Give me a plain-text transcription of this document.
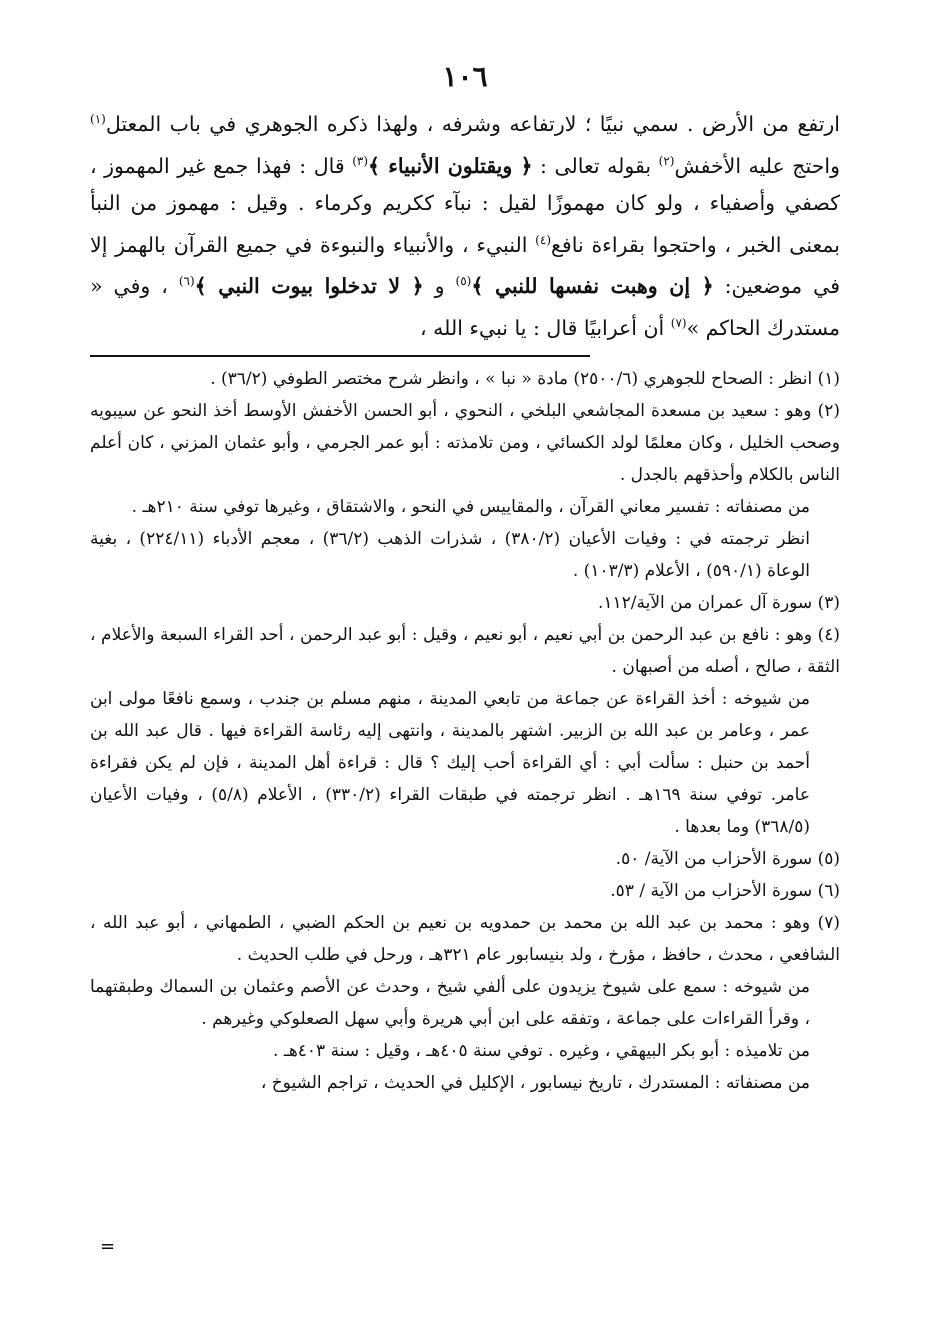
١٠٦

ارتفع من الأرض . سمي نبيًا ؛ لارتفاعه وشرفه ، ولهذا ذكره الجوهري في باب المعتل$^{(١)}$ واحتج عليه الأخفش$^{(٢)}$ بقوله تعالى : ﴿ ويقتلون الأنبياء ﴾$^{(٣)}$ قال : فهذا جمع غير المهموز ، كصفي وأصفياء ، ولو كان مهموزًا لقيل : نبآء ككريم وكرماء . وقيل : مهموز من النبأ بمعنى الخبر ، واحتجوا بقراءة نافع$^{(٤)}$ النبيء ، والأنبياء والنبوءة في جميع القرآن بالهمز إلا في موضعين: ﴿ إن وهبت نفسها للنبي ﴾$^{(٥)}$ و ﴿ لا تدخلوا بيوت النبي ﴾$^{(٦)}$ ، وفي « مستدرك الحاكم »$^{(٧)}$ أن أعرابيًا قال : يا نبيء الله ،

(١) انظر : الصحاح للجوهري (٢٥٠٠/٦) مادة « نبا » ، وانظر شرح مختصر الطوفي (٣٦/٢) .

(٢) وهو : سعيد بن مسعدة المجاشعي البلخي ، النحوي ، أبو الحسن الأخفش الأوسط أخذ النحو عن سيبويه وصحب الخليل ، وكان معلمًا لولد الكسائي ، ومن تلامذته : أبو عمر الجرمي ، وأبو عثمان المزني ، كان أعلم الناس بالكلام وأحذقهم بالجدل .

من مصنفاته : تفسير معاني القرآن ، والمقاييس في النحو ، والاشتقاق ، وغيرها توفي سنة ٢١٠هـ .

انظر ترجمته في : وفيات الأعيان (٣٨٠/٢) ، شذرات الذهب (٣٦/٢) ، معجم الأدباء (٢٢٤/١١) ، بغية الوعاة (٥٩٠/١) ، الأعلام (١٠٣/٣) .

(٣) سورة آل عمران من الآية/١١٢.

(٤) وهو : نافع بن عبد الرحمن بن أبي نعيم ، أبو نعيم ، وقيل : أبو عبد الرحمن ، أحد القراء السبعة والأعلام ، الثقة ، صالح ، أصله من أصبهان .

من شيوخه : أخذ القراءة عن جماعة من تابعي المدينة ، منهم مسلم بن جندب ، وسمع نافعًا مولى ابن عمر ، وعامر بن عبد الله بن الزبير. اشتهر بالمدينة ، وانتهى إليه رئاسة القراءة فيها . قال عبد الله بن أحمد بن حنبل : سألت أبي : أي القراءة أحب إليك ؟ قال : قراءة أهل المدينة ، فإن لم يكن فقراءة عامر. توفي سنة ١٦٩هـ . انظر ترجمته في طبقات القراء (٣٣٠/٢) ، الأعلام (٥/٨) ، وفيات الأعيان (٣٦٨/٥) وما بعدها .

(٥) سورة الأحزاب من الآية/ ٥٠.

(٦) سورة الأحزاب من الآية / ٥٣.

(٧) وهو : محمد بن عبد الله بن محمد بن حمدويه بن نعيم بن الحكم الضبي ، الطمهاني ، أبو عبد الله ، الشافعي ، محدث ، حافظ ، مؤرخ ، ولد بنيسابور عام ٣٢١هـ ، ورحل في طلب الحديث .

من شيوخه : سمع على شيوخ يزيدون على ألفي شيخ ، وحدث عن الأصم وعثمان بن السماك وطبقتهما ، وقرأ القراءات على جماعة ، وتفقه على ابن أبي هريرة وأبي سهل الصعلوكي وغيرهم .

من تلاميذه : أبو بكر البيهقي ، وغيره . توفي سنة ٤٠٥هـ ، وقيل : سنة ٤٠٣هـ .

من مصنفاته : المستدرك ، تاريخ نيسابور ، الإكليل في الحديث ، تراجم الشيوخ ،

=
